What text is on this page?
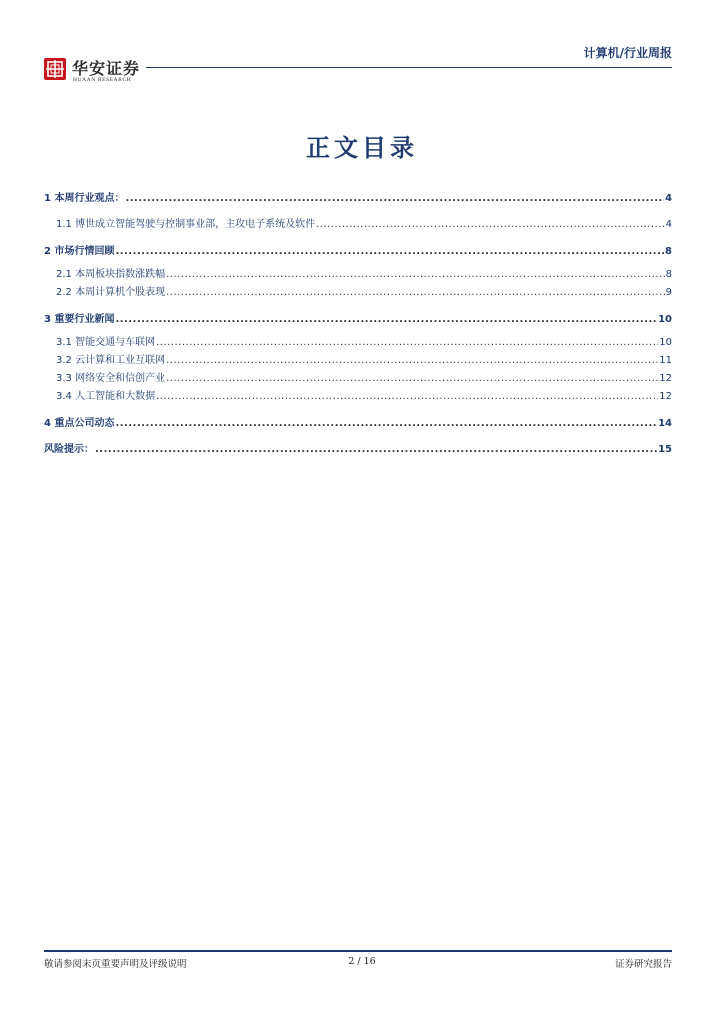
华安证券
HUAAN RESEARCH
计算机/行业周报
正文目录
1 本周行业观点： .....	4
1.1 博世成立智能驾驶与控制事业部，主攻电子系统及软件 .....	4
2 市场行情回顾 .....	8
2.1 本周板块指数涨跌幅 .....	8
2.2 本周计算机个股表现 .....	9
3 重要行业新闻 .....	10
3.1 智能交通与车联网 .....	10
3.2 云计算和工业互联网 .....	11
3.3 网络安全和信创产业 .....	12
3.4 人工智能和大数据 .....	12
4 重点公司动态 .....	14
风险提示： .....	15
敬请参阅末页重要声明及评级说明	2 / 16	证券研究报告
